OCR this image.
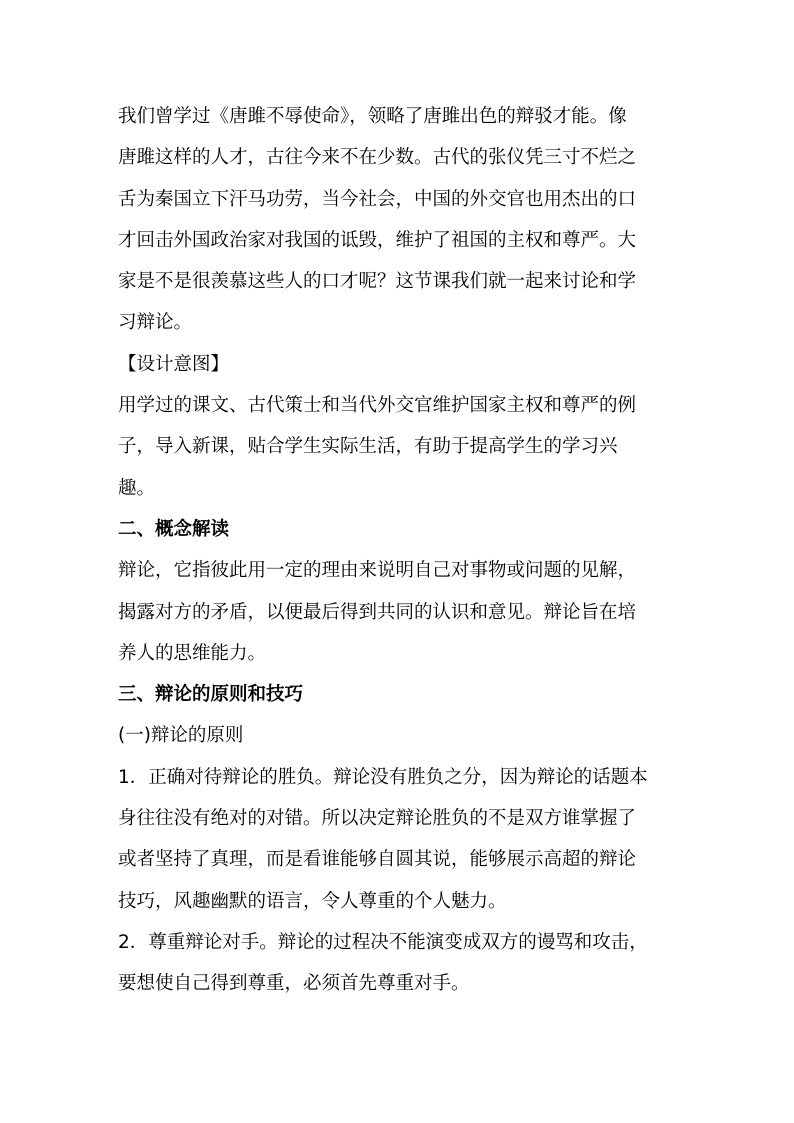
我们曾学过《唐雎不辱使命》，领略了唐雎出色的辩驳才能。像
唐雎这样的人才，古往今来不在少数。古代的张仪凭三寸不烂之
舌为秦国立下汗马功劳，当今社会，中国的外交官也用杰出的口
才回击外国政治家对我国的诋毁，维护了祖国的主权和尊严。大
家是不是很羡慕这些人的口才呢？这节课我们就一起来讨论和学
习辩论。
【设计意图】
用学过的课文、古代策士和当代外交官维护国家主权和尊严的例
子，导入新课，贴合学生实际生活，有助于提高学生的学习兴
趣。
二、概念解读
辩论，它指彼此用一定的理由来说明自己对事物或问题的见解，
揭露对方的矛盾，以便最后得到共同的认识和意见。辩论旨在培
养人的思维能力。
三、辩论的原则和技巧
(一)辩论的原则
1．正确对待辩论的胜负。辩论没有胜负之分，因为辩论的话题本
身往往没有绝对的对错。所以决定辩论胜负的不是双方谁掌握了
或者坚持了真理，而是看谁能够自圆其说，能够展示高超的辩论
技巧，风趣幽默的语言，令人尊重的个人魅力。
2．尊重辩论对手。辩论的过程决不能演变成双方的谩骂和攻击，
要想使自己得到尊重，必须首先尊重对手。
